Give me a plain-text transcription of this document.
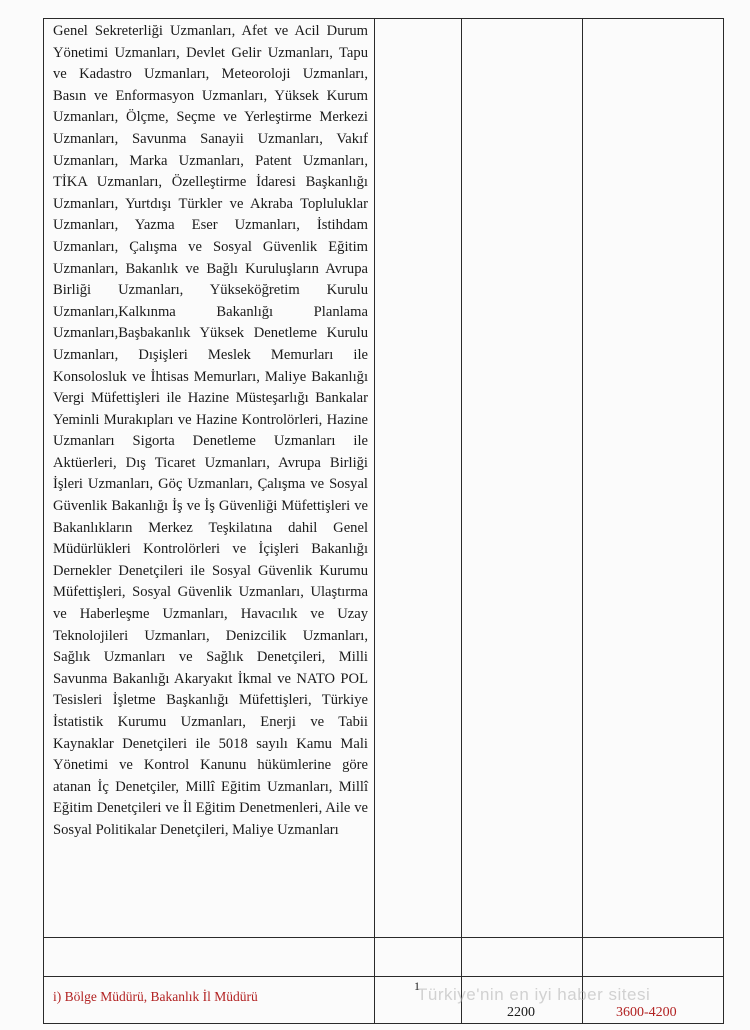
Genel Sekreterliği Uzmanları, Afet ve Acil Durum Yönetimi Uzmanları, Devlet Gelir Uzmanları, Tapu ve Kadastro Uzmanları, Meteoroloji Uzmanları, Basın ve Enformasyon Uzmanları, Yüksek Kurum Uzmanları, Ölçme, Seçme ve Yerleştirme Merkezi Uzmanları, Savunma Sanayii Uzmanları, Vakıf Uzmanları, Marka Uzmanları, Patent Uzmanları, TİKA Uzmanları, Özelleştirme İdaresi Başkanlığı Uzmanları, Yurtdışı Türkler ve Akraba Topluluklar Uzmanları, Yazma Eser Uzmanları, İstihdam Uzmanları, Çalışma ve Sosyal Güvenlik Eğitim Uzmanları, Bakanlık ve Bağlı Kuruluşların Avrupa Birliği Uzmanları, Yükseköğretim Kurulu Uzmanları,Kalkınma Bakanlığı Planlama Uzmanları,Başbakanlık Yüksek Denetleme Kurulu Uzmanları, Dışişleri Meslek Memurları ile Konsolosluk ve İhtisas Memurları, Maliye Bakanlığı Vergi Müfettişleri ile Hazine Müsteşarlığı Bankalar Yeminli Murakıpları ve Hazine Kontrolörleri, Hazine Uzmanları Sigorta Denetleme Uzmanları ile Aktüerleri, Dış Ticaret Uzmanları, Avrupa Birliği İşleri Uzmanları, Göç Uzmanları, Çalışma ve Sosyal Güvenlik Bakanlığı İş ve İş Güvenliği Müfettişleri ve Bakanlıkların Merkez Teşkilatına dahil Genel Müdürlükleri Kontrolörleri ve İçişleri Bakanlığı Dernekler Denetçileri ile Sosyal Güvenlik Kurumu Müfettişleri, Sosyal Güvenlik Uzmanları, Ulaştırma ve Haberleşme Uzmanları, Havacılık ve Uzay Teknolojileri Uzmanları, Denizcilik Uzmanları, Sağlık Uzmanları ve Sağlık Denetçileri, Milli Savunma Bakanlığı Akaryakıt İkmal ve NATO POL Tesisleri İşletme Başkanlığı Müfettişleri, Türkiye İstatistik Kurumu Uzmanları, Enerji ve Tabii Kaynaklar Denetçileri ile 5018 sayılı Kamu Mali Yönetimi ve Kontrol Kanunu hükümlerine göre atanan İç Denetçiler, Millî Eğitim Uzmanları, Millî Eğitim Denetçileri ve İl Eğitim Denetmenleri, Aile ve Sosyal Politikalar Denetçileri, Maliye Uzmanları
i) Bölge Müdürü, Bakanlık İl Müdürü
1
2200	3600-4200
Türkiye'nin en iyi haber sitesi
